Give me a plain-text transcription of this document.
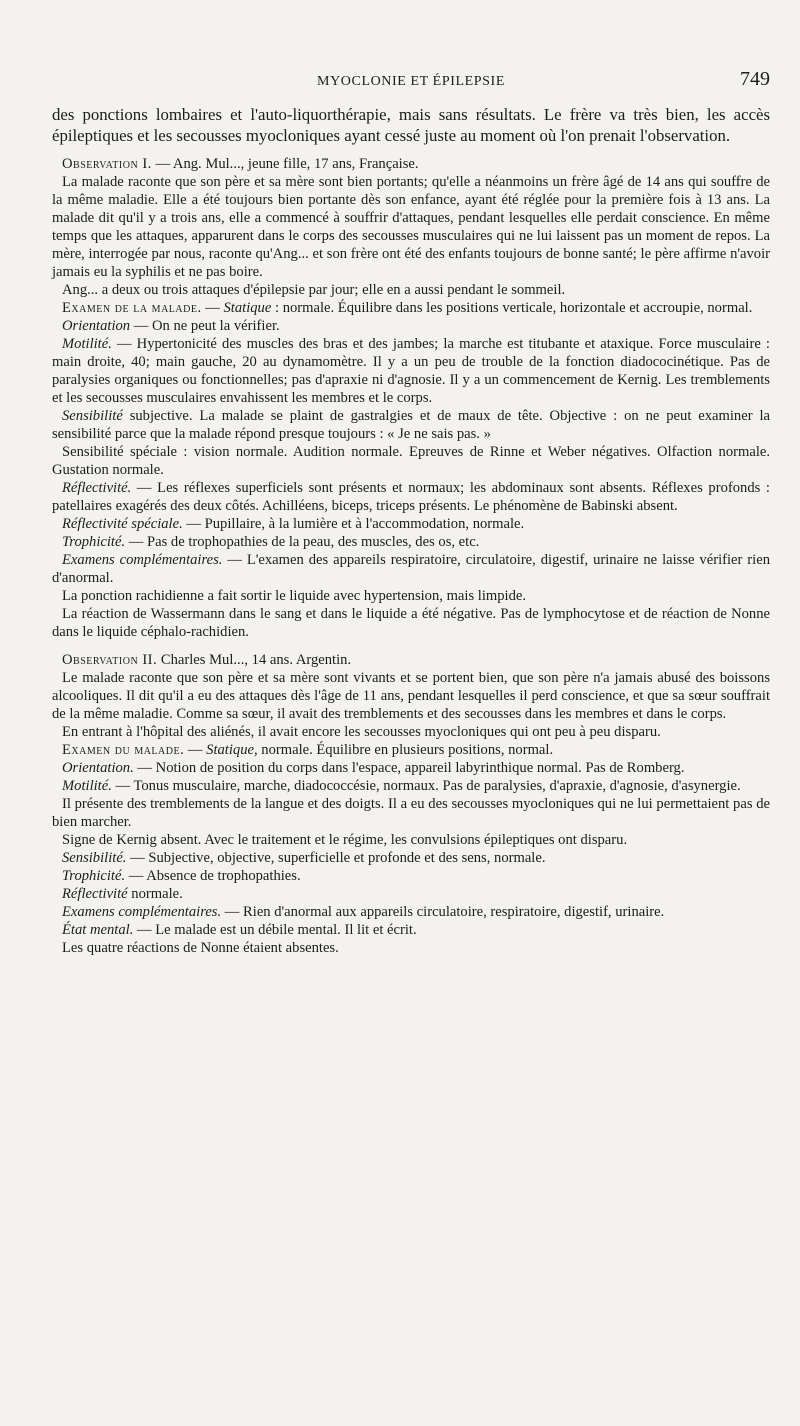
MYOCLONIE ET ÉPILEPSIE	749

des ponctions lombaires et l'auto-liquorthérapie, mais sans résultats. Le frère va très bien, les accès épileptiques et les secousses myocloniques ayant cessé juste au moment où l'on prenait l'observation.

Observation I. — Ang. Mul..., jeune fille, 17 ans, Française.

La malade raconte que son père et sa mère sont bien portants; qu'elle a néanmoins un frère âgé de 14 ans qui souffre de la même maladie. Elle a été toujours bien portante dès son enfance, ayant été réglée pour la première fois à 13 ans. La malade dit qu'il y a trois ans, elle a commencé à souffrir d'attaques, pendant lesquelles elle perdait conscience. En même temps que les attaques, apparurent dans le corps des secousses musculaires qui ne lui laissent pas un moment de repos. La mère, interrogée par nous, raconte qu'Ang... et son frère ont été des enfants toujours de bonne santé; le père affirme n'avoir jamais eu la syphilis et ne pas boire.

Ang... a deux ou trois attaques d'épilepsie par jour; elle en a aussi pendant le sommeil.

Examen de la malade. — Statique : normale. Équilibre dans les positions verticale, horizontale et accroupie, normal.

Orientation — On ne peut la vérifier.

Motilité. — Hypertonicité des muscles des bras et des jambes; la marche est titubante et ataxique. Force musculaire : main droite, 40; main gauche, 20 au dynamomètre. Il y a un peu de trouble de la fonction diadococinétique. Pas de paralysies organiques ou fonctionnelles; pas d'apraxie ni d'agnosie. Il y a un commencement de Kernig. Les tremblements et les secousses musculaires envahissent les membres et le corps.

Sensibilité subjective. La malade se plaint de gastralgies et de maux de tête. Objective : on ne peut examiner la sensibilité parce que la malade répond presque toujours : « Je ne sais pas. »

Sensibilité spéciale : vision normale. Audition normale. Epreuves de Rinne et Weber négatives. Olfaction normale. Gustation normale.

Réflectivité. — Les réflexes superficiels sont présents et normaux; les abdominaux sont absents. Réflexes profonds : patellaires exagérés des deux côtés. Achilléens, biceps, triceps présents. Le phénomène de Babinski absent.

Réflectivité spéciale. — Pupillaire, à la lumière et à l'accommodation, normale.

Trophicité. — Pas de trophopathies de la peau, des muscles, des os, etc.

Examens complémentaires. — L'examen des appareils respiratoire, circulatoire, digestif, urinaire ne laisse vérifier rien d'anormal.

La ponction rachidienne a fait sortir le liquide avec hypertension, mais limpide.

La réaction de Wassermann dans le sang et dans le liquide a été négative. Pas de lymphocytose et de réaction de Nonne dans le liquide céphalo-rachidien.

Observation II. Charles Mul..., 14 ans. Argentin.

Le malade raconte que son père et sa mère sont vivants et se portent bien, que son père n'a jamais abusé des boissons alcooliques. Il dit qu'il a eu des attaques dès l'âge de 11 ans, pendant lesquelles il perd conscience, et que sa sœur souffrait de la même maladie. Comme sa sœur, il avait des tremblements et des secousses dans les membres et dans le corps.

En entrant à l'hôpital des aliénés, il avait encore les secousses myocloniques qui ont peu à peu disparu.

Examen du malade. — Statique, normale. Équilibre en plusieurs positions, normal.

Orientation. — Notion de position du corps dans l'espace, appareil labyrinthique normal. Pas de Romberg.

Motilité. — Tonus musculaire, marche, diadococcésie, normaux. Pas de paralysies, d'apraxie, d'agnosie, d'asynergie.

Il présente des tremblements de la langue et des doigts. Il a eu des secousses myocloniques qui ne lui permettaient pas de bien marcher.

Signe de Kernig absent. Avec le traitement et le régime, les convulsions épileptiques ont disparu.

Sensibilité. — Subjective, objective, superficielle et profonde et des sens, normale.

Trophicité. — Absence de trophopathies.

Réflectivité normale.

Examens complémentaires. — Rien d'anormal aux appareils circulatoire, respiratoire, digestif, urinaire.

État mental. — Le malade est un débile mental. Il lit et écrit.

Les quatre réactions de Nonne étaient absentes.
